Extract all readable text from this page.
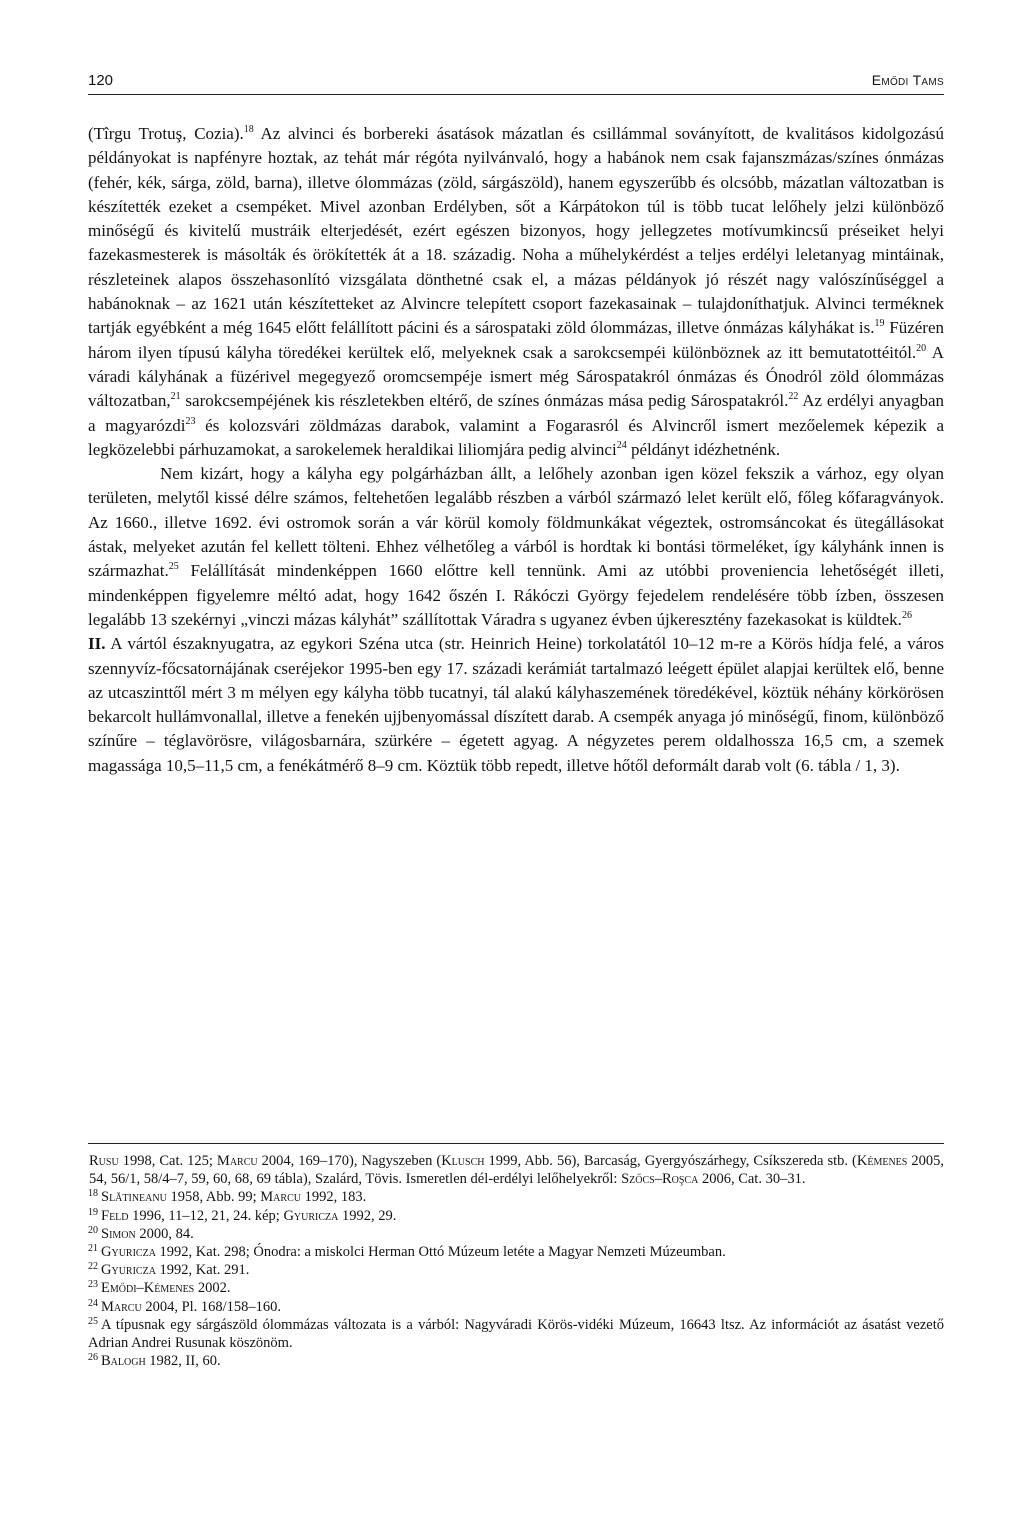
120	Emődi Tams

(Tîrgu Trotuş, Cozia).$^{18}$ Az alvinci és borbereki ásatások mázatlan és csillámmal soványított, de kvalitásos kidolgozású példányokat is napfényre hoztak, az tehát már régóta nyilvánvaló, hogy a habánok nem csak fajanszmázas/színes ónmázas (fehér, kék, sárga, zöld, barna), illetve ólommázas (zöld, sárgászöld), hanem egyszerűbb és olcsóbb, mázatlan változatban is készítették ezeket a csempéket. Mivel azonban Erdélyben, sőt a Kárpátokon túl is több tucat lelőhely jelzi különböző minőségű és kivitelű mustráik elterjedését, ezért egészen bizonyos, hogy jellegzetes motívumkincsű préseiket helyi fazekasmesterek is másolták és örökítették át a 18. századig. Noha a műhelykérdést a teljes erdélyi leletanyag mintáinak, részleteinek alapos összehasonlító vizsgálata dönthetné csak el, a mázas példányok jó részét nagy valószínűséggel a habánoknak – az 1621 után készítetteket az Alvincre telepített csoport fazekasainak – tulajdoníthatjuk. Alvinci terméknek tartják egyébként a még 1645 előtt felállított pácini és a sárospataki zöld ólommázas, illetve ónmázas kályhákat is.$^{19}$ Füzéren három ilyen típusú kályha töredékei kerültek elő, melyeknek csak a sarokcsempéi különböznek az itt bemutatottéitól.$^{20}$ A váradi kályhának a füzérivel megegyező oromcsempéje ismert még Sárospatakról ónmázas és Ónodról zöld ólommázas változatban,$^{21}$ sarokcsempéjének kis részletekben eltérő, de színes ónmázas mása pedig Sárospatakról.$^{22}$ Az erdélyi anyagban a magyarózdi$^{23}$ és kolozsvári zöldmázas darabok, valamint a Fogarasról és Alvincről ismert mezőelemek képezik a legközelebbi párhuzamokat, a sarokelemek heraldikai liliomjára pedig alvinci$^{24}$ példányt idézhetnénk.

Nem kizárt, hogy a kályha egy polgárházban állt, a lelőhely azonban igen közel fekszik a várhoz, egy olyan területen, melytől kissé délre számos, feltehetően legalább részben a várból származó lelet került elő, főleg kőfaragványok. Az 1660., illetve 1692. évi ostromok során a vár körül komoly földmunkákat végeztek, ostromsáncokat és ütegállásokat ástak, melyeket azután fel kellett tölteni. Ehhez vélhetőleg a várból is hordtak ki bontási törmeléket, így kályhánk innen is származhat.$^{25}$ Felállítását mindenképpen 1660 előttre kell tennünk. Ami az utóbbi proveniencia lehetőségét illeti, mindenképpen figyelemre méltó adat, hogy 1642 őszén I. Rákóczi György fejedelem rendelésére több ízben, összesen legalább 13 szekérnyi „vinczi mázas kályhát” szállítottak Váradra s ugyanez évben újkeresztény fazekasokat is küldtek.$^{26}$

II. A vártól északnyugatra, az egykori Széna utca (str. Heinrich Heine) torkolatától 10–12 m-re a Körös hídja felé, a város szennyvíz-főcsatornájának cseréjekor 1995-ben egy 17. századi kerámiát tartalmazó leégett épület alapjai kerültek elő, benne az utcaszinttől mért 3 m mélyen egy kályha több tucatnyi, tál alakú kályhaszemének töredékével, köztük néhány körkörösen bekarcolt hullámvonallal, illetve a fenekén ujjbenyomással díszített darab. A csempék anyaga jó minőségű, finom, különböző színűre – téglavörösre, világosbarnára, szürkére – égetett agyag. A négyzetes perem oldalhossza 16,5 cm, a szemek magassága 10,5–11,5 cm, a fenékátmérő 8–9 cm. Köztük több repedt, illetve hőtől deformált darab volt (6. tábla / 1, 3).

Rusu 1998, Cat. 125; Marcu 2004, 169–170), Nagyszeben (Klusch 1999, Abb. 56), Barcaság, Gyergyószárhegy, Csíkszereda stb. (Kémenes 2005, 54, 56/1, 58/4–7, 59, 60, 68, 69 tábla), Szalárd, Tövis. Ismeretlen dél-erdélyi lelőhelyekről: Szőcs–Roşca 2006, Cat. 30–31.

$^{18}$ Slătineanu 1958, Abb. 99; Marcu 1992, 183.

$^{19}$ Feld 1996, 11–12, 21, 24. kép; Gyuricza 1992, 29.

$^{20}$ Simon 2000, 84.

$^{21}$ Gyuricza 1992, Kat. 298; Ónodra: a miskolci Herman Ottó Múzeum letéte a Magyar Nemzeti Múzeumban.

$^{22}$ Gyuricza 1992, Kat. 291.

$^{23}$ Emődi–Kémenes 2002.

$^{24}$ Marcu 2004, Pl. 168/158–160.

$^{25}$ A típusnak egy sárgászöld ólommázas változata is a várból: Nagyváradi Körös-vidéki Múzeum, 16643 ltsz. Az információt az ásatást vezető Adrian Andrei Rusunak köszönöm.

$^{26}$ Balogh 1982, II, 60.
